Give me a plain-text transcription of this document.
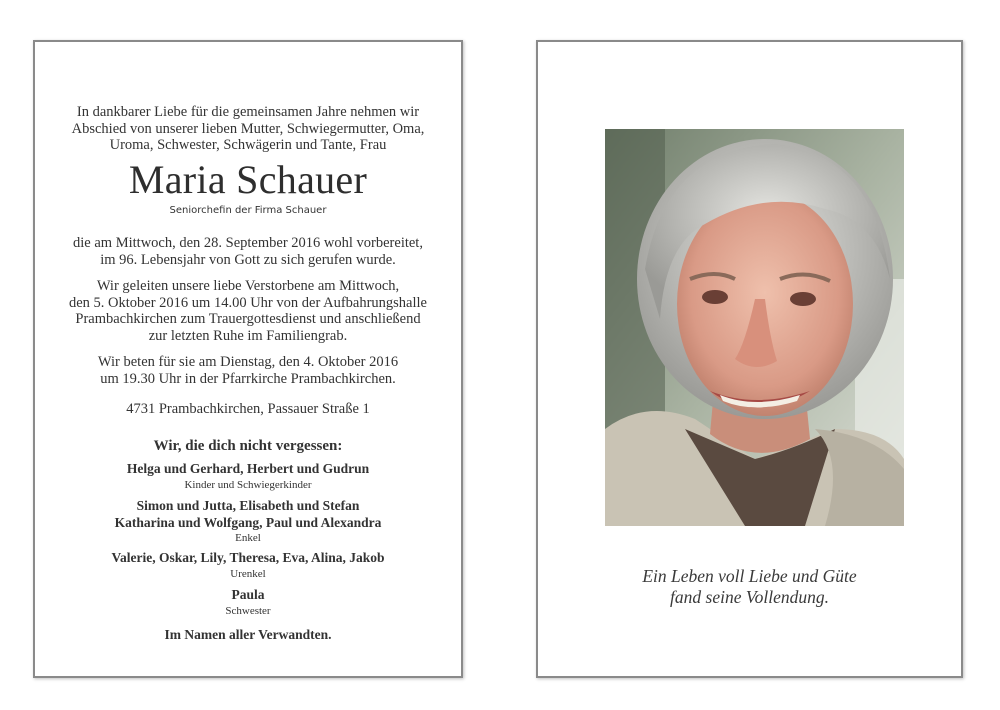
In dankbarer Liebe für die gemeinsamen Jahre nehmen wir
Abschied von unserer lieben Mutter, Schwiegermutter, Oma,
Uroma, Schwester, Schwägerin und Tante, Frau
Maria Schauer
Seniorchefin der Firma Schauer
die am Mittwoch, den 28. September 2016 wohl vorbereitet,
im 96. Lebensjahr von Gott zu sich gerufen wurde.
Wir geleiten unsere liebe Verstorbene am Mittwoch,
den 5. Oktober 2016 um 14.00 Uhr von der Aufbahrungshalle
Prambachkirchen zum Trauergottesdienst und anschließend
zur letzten Ruhe im Familiengrab.
Wir beten für sie am Dienstag, den 4. Oktober 2016
um 19.30 Uhr in der Pfarrkirche Prambachkirchen.
4731 Prambachkirchen, Passauer Straße 1
Wir, die dich nicht vergessen:
Helga und Gerhard, Herbert und Gudrun
Kinder und Schwiegerkinder
Simon und Jutta, Elisabeth und Stefan
Katharina und Wolfgang, Paul und Alexandra
Enkel
Valerie, Oskar, Lily, Theresa, Eva, Alina, Jakob
Urenkel
Paula
Schwester
Im Namen aller Verwandten.
Ein Leben voll Liebe und Güte
fand seine Vollendung.
